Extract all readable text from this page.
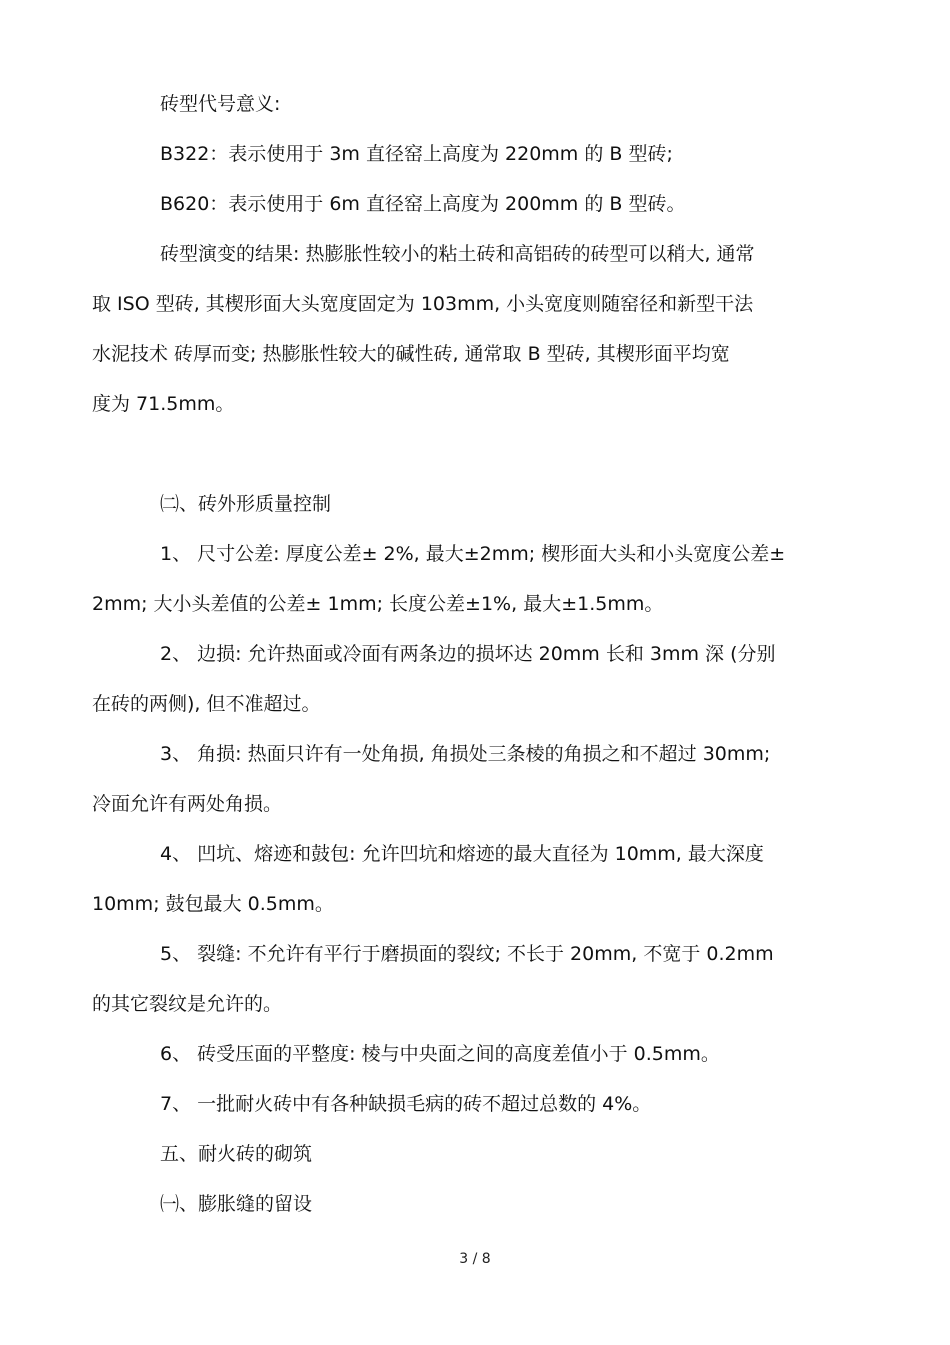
砖型代号意义:
B322：表示使用于 3m 直径窑上高度为 220mm 的 B 型砖;
B620：表示使用于 6m 直径窑上高度为 200mm 的 B 型砖。
砖型演变的结果: 热膨胀性较小的粘土砖和高铝砖的砖型可以稍大, 通常
取 ISO 型砖, 其楔形面大头宽度固定为 103mm, 小头宽度则随窑径和新型干法
水泥技术 砖厚而变; 热膨胀性较大的碱性砖, 通常取 B 型砖, 其楔形面平均宽
度为 71.5mm。
㈡、砖外形质量控制
1、 尺寸公差: 厚度公差± 2%, 最大±2mm; 楔形面大头和小头宽度公差±
2mm; 大小头差值的公差± 1mm; 长度公差±1%, 最大±1.5mm。
2、 边损: 允许热面或冷面有两条边的损坏达 20mm 长和 3mm 深 (分别
在砖的两侧), 但不准超过。
3、 角损: 热面只许有一处角损, 角损处三条棱的角损之和不超过 30mm;
冷面允许有两处角损。
4、 凹坑、熔迹和鼓包: 允许凹坑和熔迹的最大直径为 10mm, 最大深度
10mm; 鼓包最大 0.5mm。
5、 裂缝: 不允许有平行于磨损面的裂纹; 不长于 20mm, 不宽于 0.2mm
的其它裂纹是允许的。
6、 砖受压面的平整度: 棱与中央面之间的高度差值小于 0.5mm。
7、 一批耐火砖中有各种缺损毛病的砖不超过总数的 4%。
五、耐火砖的砌筑
㈠、膨胀缝的留设
3 / 8
